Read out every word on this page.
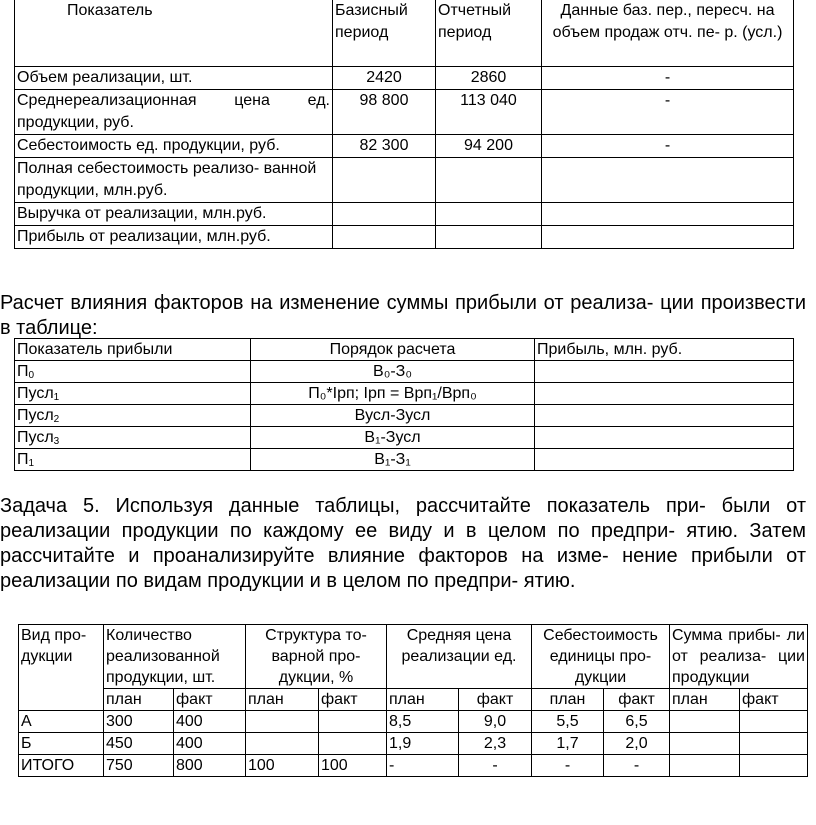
Показатель	Базисный период	Отчетный период	Данные баз. пер., пересч. на объем продаж отч. пе- р. (усл.)
Объем реализации, шт.	2420	2860	-
Среднереализационная цена ед. продукции, руб.	98 800	113 040	-
Себестоимость ед. продукции, руб.	82 300	94 200	-
Полная себестоимость реализо- ванной продукции, млн.руб.			
Выручка от реализации, млн.руб.			
Прибыль от реализации, млн.руб.			
Расчет влияния факторов на изменение суммы прибыли от реализа- ции произвести в таблице:
Показатель прибыли	Порядок расчета	Прибыль, млн. руб.
$П_0$	В₀-З₀	
Пусл$_1$	П₀*Iрп; Iрп = Врп₁/Врп₀	
Пусл$_2$	Вусл-Зусл	
Пусл$_3$	В₁-Зусл	
$П_1$	В₁-З₁	
Задача 5. Используя данные таблицы, рассчитайте показатель при- были от реализации продукции по каждому ее виду и в целом по предпри- ятию. Затем рассчитайте и проанализируйте влияние факторов на изме- нение прибыли от реализации по видам продукции и в целом по предпри- ятию.
Вид про- дукции	Количество реализованной продукции, шт.		Структура то- варной про- дукции, %		Средняя цена реализации ед.		Себестоимость единицы про- дукции		Сумма прибы- ли от реализа- ции продукции	
	план	факт	план	факт	план	факт	план	факт	план	факт
А	300	400			8,5	9,0	5,5	6,5		
Б	450	400			1,9	2,3	1,7	2,0		
ИТОГО	750	800	100	100	-	-	-	-		
